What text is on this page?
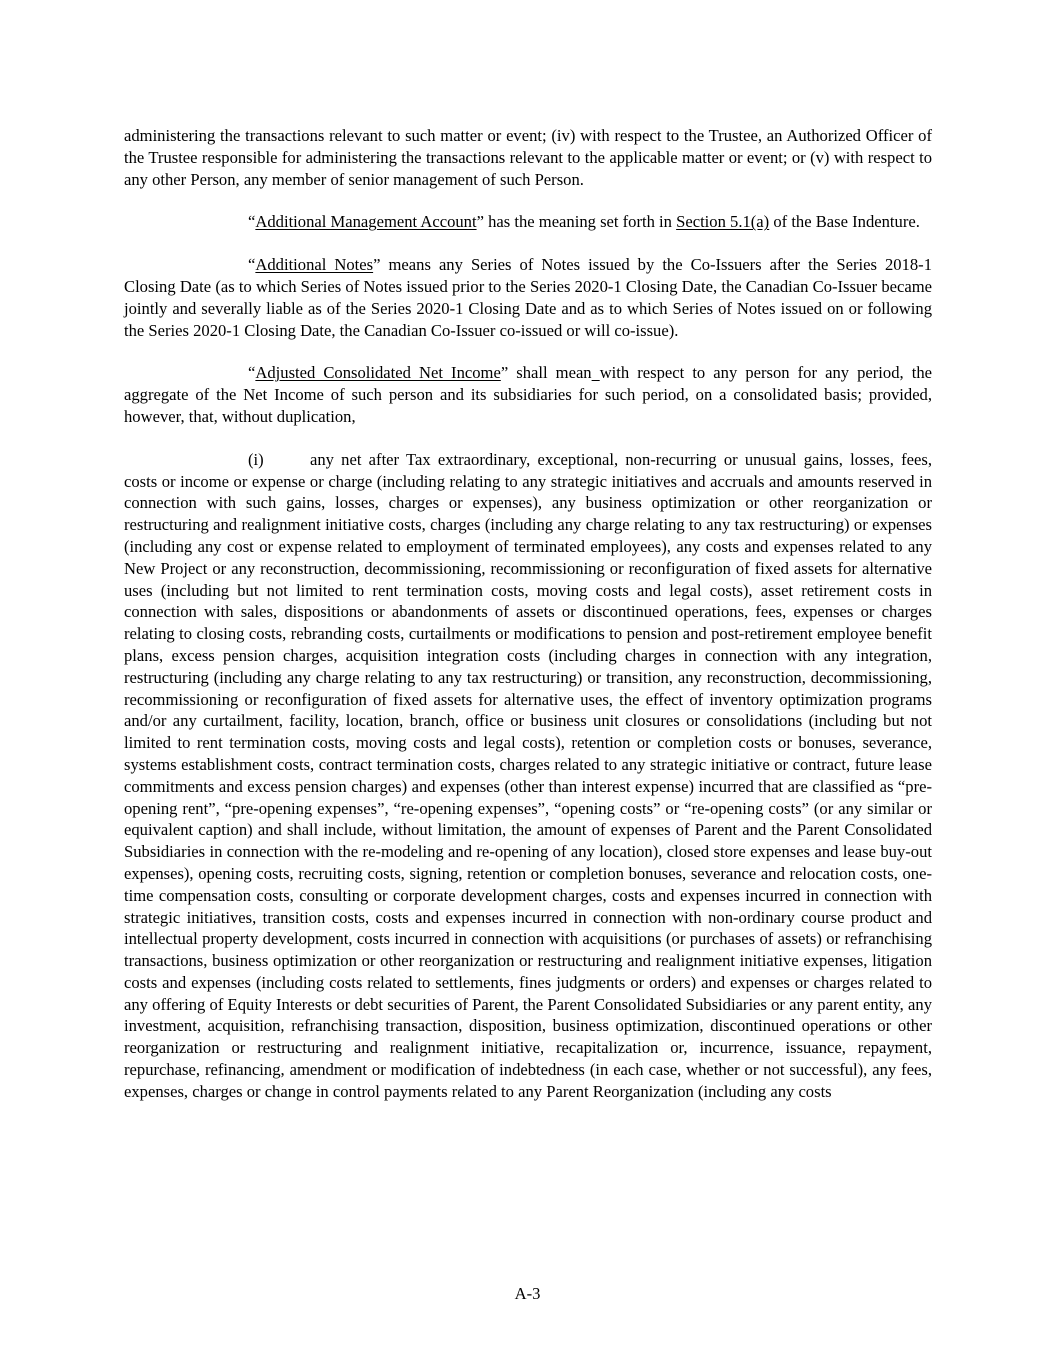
administering the transactions relevant to such matter or event; (iv) with respect to the Trustee, an Authorized Officer of the Trustee responsible for administering the transactions relevant to the applicable matter or event; or (v) with respect to any other Person, any member of senior management of such Person.

“Additional Management Account” has the meaning set forth in Section 5.1(a) of the Base Indenture.

“Additional Notes” means any Series of Notes issued by the Co-Issuers after the Series 2018-1 Closing Date (as to which Series of Notes issued prior to the Series 2020-1 Closing Date, the Canadian Co-Issuer became jointly and severally liable as of the Series 2020-1 Closing Date and as to which Series of Notes issued on or following the Series 2020-1 Closing Date, the Canadian Co-Issuer co-issued or will co-issue).

“Adjusted Consolidated Net Income” shall mean with respect to any person for any period, the aggregate of the Net Income of such person and its subsidiaries for such period, on a consolidated basis; provided, however, that, without duplication,

(i)	any net after Tax extraordinary, exceptional, non-recurring or unusual gains, losses, fees, costs or income or expense or charge (including relating to any strategic initiatives and accruals and amounts reserved in connection with such gains, losses, charges or expenses), any business optimization or other reorganization or restructuring and realignment initiative costs, charges (including any charge relating to any tax restructuring) or expenses (including any cost or expense related to employment of terminated employees), any costs and expenses related to any New Project or any reconstruction, decommissioning, recommissioning or reconfiguration of fixed assets for alternative uses (including but not limited to rent termination costs, moving costs and legal costs), asset retirement costs in connection with sales, dispositions or abandonments of assets or discontinued operations, fees, expenses or charges relating to closing costs, rebranding costs, curtailments or modifications to pension and post-retirement employee benefit plans, excess pension charges, acquisition integration costs (including charges in connection with any integration, restructuring (including any charge relating to any tax restructuring) or transition, any reconstruction, decommissioning, recommissioning or reconfiguration of fixed assets for alternative uses, the effect of inventory optimization programs and/or any curtailment, facility, location, branch, office or business unit closures or consolidations (including but not limited to rent termination costs, moving costs and legal costs), retention or completion costs or bonuses, severance, systems establishment costs, contract termination costs, charges related to any strategic initiative or contract, future lease commitments and excess pension charges) and expenses (other than interest expense) incurred that are classified as “pre-opening rent”, “pre-opening expenses”, “re-opening expenses”, “opening costs” or “re-opening costs” (or any similar or equivalent caption) and shall include, without limitation, the amount of expenses of Parent and the Parent Consolidated Subsidiaries in connection with the re-modeling and re-opening of any location), closed store expenses and lease buy-out expenses), opening costs, recruiting costs, signing, retention or completion bonuses, severance and relocation costs, one-time compensation costs, consulting or corporate development charges, costs and expenses incurred in connection with strategic initiatives, transition costs, costs and expenses incurred in connection with non-ordinary course product and intellectual property development, costs incurred in connection with acquisitions (or purchases of assets) or refranchising transactions, business optimization or other reorganization or restructuring and realignment initiative expenses, litigation costs and expenses (including costs related to settlements, fines judgments or orders) and expenses or charges related to any offering of Equity Interests or debt securities of Parent, the Parent Consolidated Subsidiaries or any parent entity, any investment, acquisition, refranchising transaction, disposition, business optimization, discontinued operations or other reorganization or restructuring and realignment initiative, recapitalization or, incurrence, issuance, repayment, repurchase, refinancing, amendment or modification of indebtedness (in each case, whether or not successful), any fees, expenses, charges or change in control payments related to any Parent Reorganization (including any costs

A-3
